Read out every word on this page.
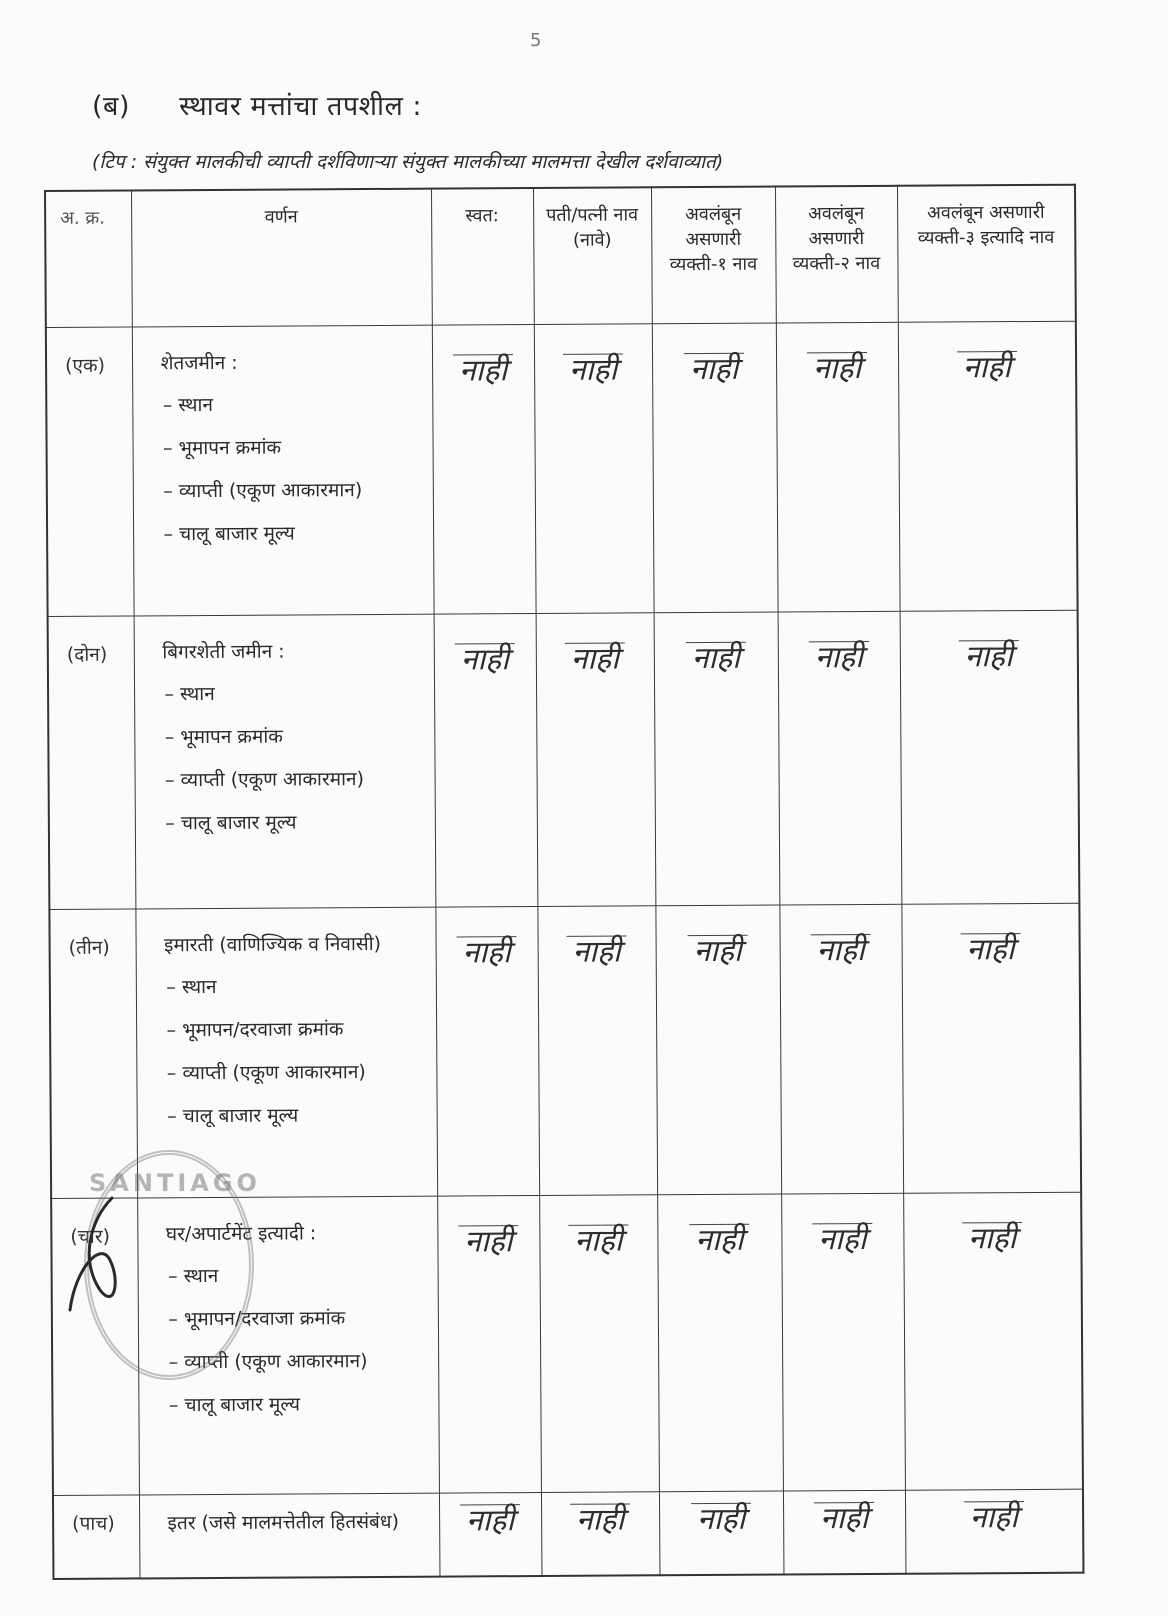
5
(ब) स्थावर मत्तांचा तपशील :
(टिप : संयुक्त मालकीची व्याप्ती दर्शविणाऱ्या संयुक्त मालकीच्या मालमत्ता देखील दर्शवाव्यात)
अ. क्र.	वर्णन	स्वत:	पती/पत्नी नाव (नावे)	अवलंबून असणारी व्यक्ती-१ नाव	अवलंबून असणारी व्यक्ती-२ नाव	अवलंबून असणारी व्यक्ती-३ इत्यादि नाव
(एक)	शेतजमीन :
– स्थान
– भूमापन क्रमांक
– व्याप्ती (एकूण आकारमान)
– चालू बाजार मूल्य	नाही	नाही	नाही	नाही	नाही
(दोन)	बिगरशेती जमीन :
– स्थान
– भूमापन क्रमांक
– व्याप्ती (एकूण आकारमान)
– चालू बाजार मूल्य	नाही	नाही	नाही	नाही	नाही
(तीन)	इमारती (वाणिज्यिक व निवासी)
– स्थान
– भूमापन/दरवाजा क्रमांक
– व्याप्ती (एकूण आकारमान)
– चालू बाजार मूल्य	नाही	नाही	नाही	नाही	नाही
(चार)	घर/अपार्टमेंट इत्यादी :
– स्थान
– भूमापन/दरवाजा क्रमांक
– व्याप्ती (एकूण आकारमान)
– चालू बाजार मूल्य	नाही	नाही	नाही	नाही	नाही
(पाच)	इतर (जसे मालमत्तेतील हितसंबंध)	नाही	नाही	नाही	नाही	नाही
SANTIAGO
